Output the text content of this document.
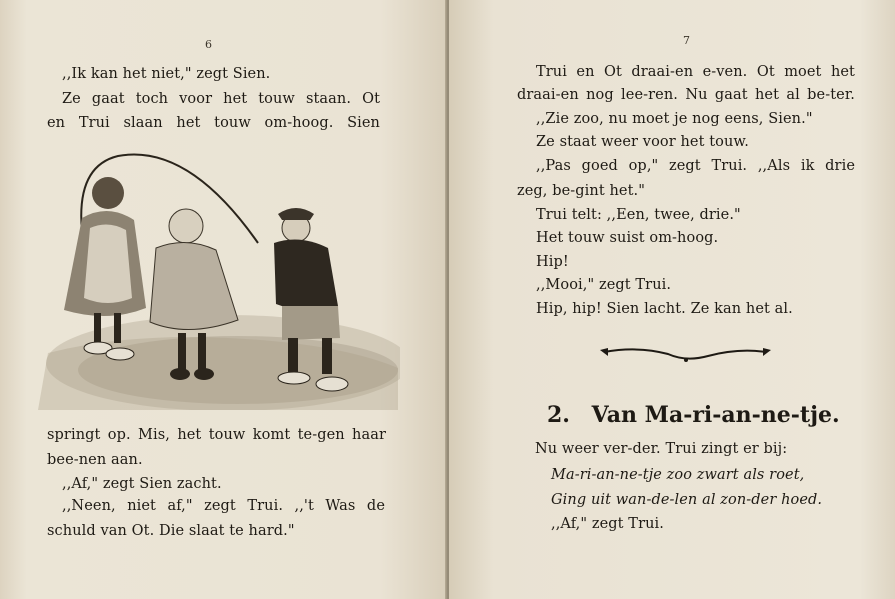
6
,,Ik kan het niet," zegt Sien.
Ze gaat toch voor het touw staan. Ot
en Trui slaan het touw om-hoog. Sien
springt op. Mis, het touw komt te-gen haar
bee-nen aan.
,,Af," zegt Sien zacht.
,,Neen, niet af," zegt Trui. ,,'t Was de
schuld van Ot. Die slaat te hard."
7
Trui en Ot draai-en e-ven. Ot moet het
draai-en nog lee-ren. Nu gaat het al be-ter.
,,Zie zoo, nu moet je nog eens, Sien."
Ze staat weer voor het touw.
,,Pas goed op," zegt Trui. ,,Als ik drie
zeg, be-gint het."
Trui telt: ,,Een, twee, drie."
Het touw suist om-hoog.
Hip!
,,Mooi," zegt Trui.
Hip, hip! Sien lacht. Ze kan het al.
2. Van Ma-ri-an-ne-tje.
Nu weer ver-der. Trui zingt er bij:
Ma-ri-an-ne-tje zoo zwart als roet,
Ging uit wan-de-len al zon-der hoed.
,,Af," zegt Trui.
